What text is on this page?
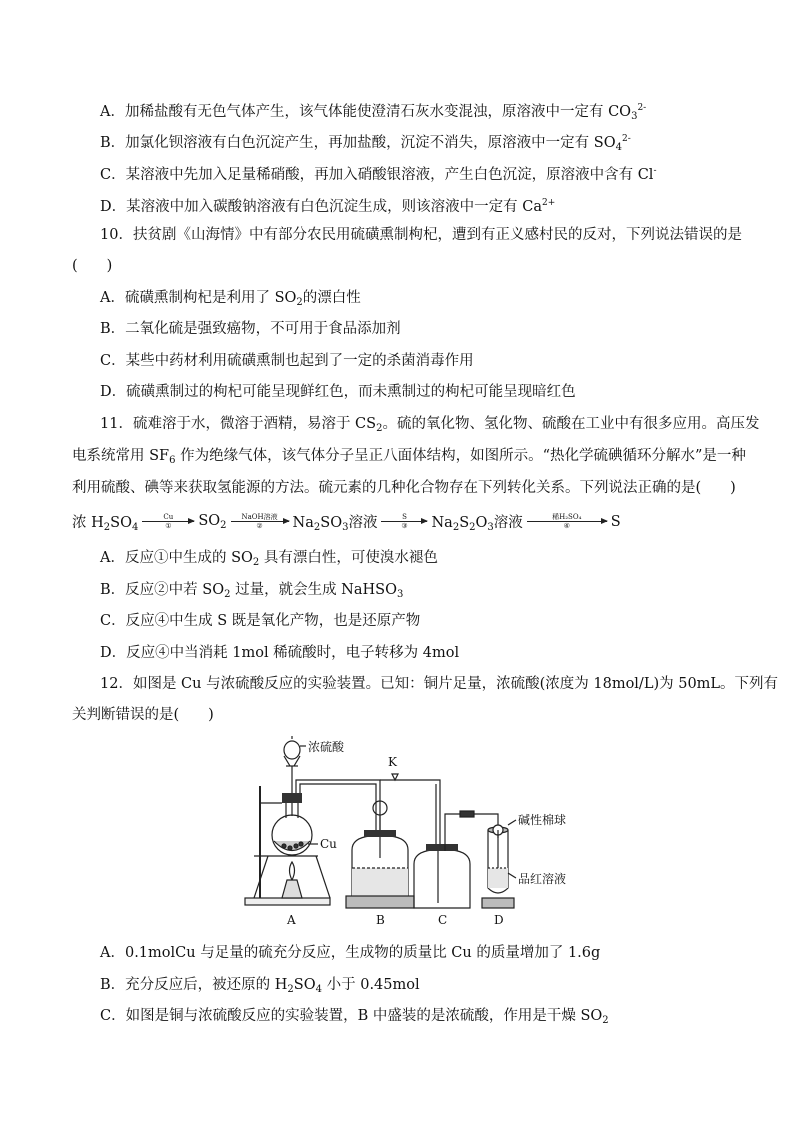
A．加稀盐酸有无色气体产生，该气体能使澄清石灰水变混浊，原溶液中一定有 $CO_3^{2-}$
B．加氯化钡溶液有白色沉淀产生，再加盐酸，沉淀不消失，原溶液中一定有 $SO_4^{2-}$
C．某溶液中先加入足量稀硝酸，再加入硝酸银溶液，产生白色沉淀，原溶液中含有 Cl-
D．某溶液中加入碳酸钠溶液有白色沉淀生成，则该溶液中一定有 $Ca^{2+}$
10．扶贫剧《山海情》中有部分农民用硫磺熏制枸杞，遭到有正义感村民的反对，下列说法错误的是
(　　)
A．硫磺熏制枸杞是利用了 $SO_2$的漂白性
B．二氧化硫是强致癌物，不可用于食品添加剂
C．某些中药材利用硫磺熏制也起到了一定的杀菌消毒作用
D．硫磺熏制过的枸杞可能呈现鲜红色，而未熏制过的枸杞可能呈现暗红色
11．硫难溶于水，微溶于酒精，易溶于 $CS_2$。硫的氧化物、氢化物、硫酸在工业中有很多应用。高压发
电系统常用 $SF_6$ 作为绝缘气体，该气体分子呈正八面体结构，如图所示。“热化学硫碘循环分解水”是一种
利用硫酸、碘等来获取氢能源的方法。硫元素的几种化合物存在下列转化关系。下列说法正确的是(　　)
浓 $H_2SO_4$
Cu
① $SO_2$
NaOH溶液
② $Na_2SO_3$溶液	S
③ $Na_2S_2O_3$溶液	稀H₂SO₄
④	S
A．反应①中生成的 $SO_2$ 具有漂白性，可使溴水褪色
B．反应②中若 $SO_2$ 过量，就会生成 NaHSO$_3$
C．反应④中生成 S 既是氧化产物，也是还原产物
D．反应④中当消耗 1mol 稀硫酸时，电子转移为 4mol
12．如图是 Cu 与浓硫酸反应的实验装置。已知：铜片足量，浓硫酸(浓度为 18mol/L)为 50mL。下列有
关判断错误的是(　　)
浓硫酸
K
Cu
碱性棉球
品红溶液
A	B	C	D
A．0.1molCu 与足量的硫充分反应，生成物的质量比 Cu 的质量增加了 1.6g
B．充分反应后，被还原的 $H_2SO_4$ 小于 0.45mol
C．如图是铜与浓硫酸反应的实验装置，B 中盛装的是浓硫酸，作用是干燥 $SO_2$
